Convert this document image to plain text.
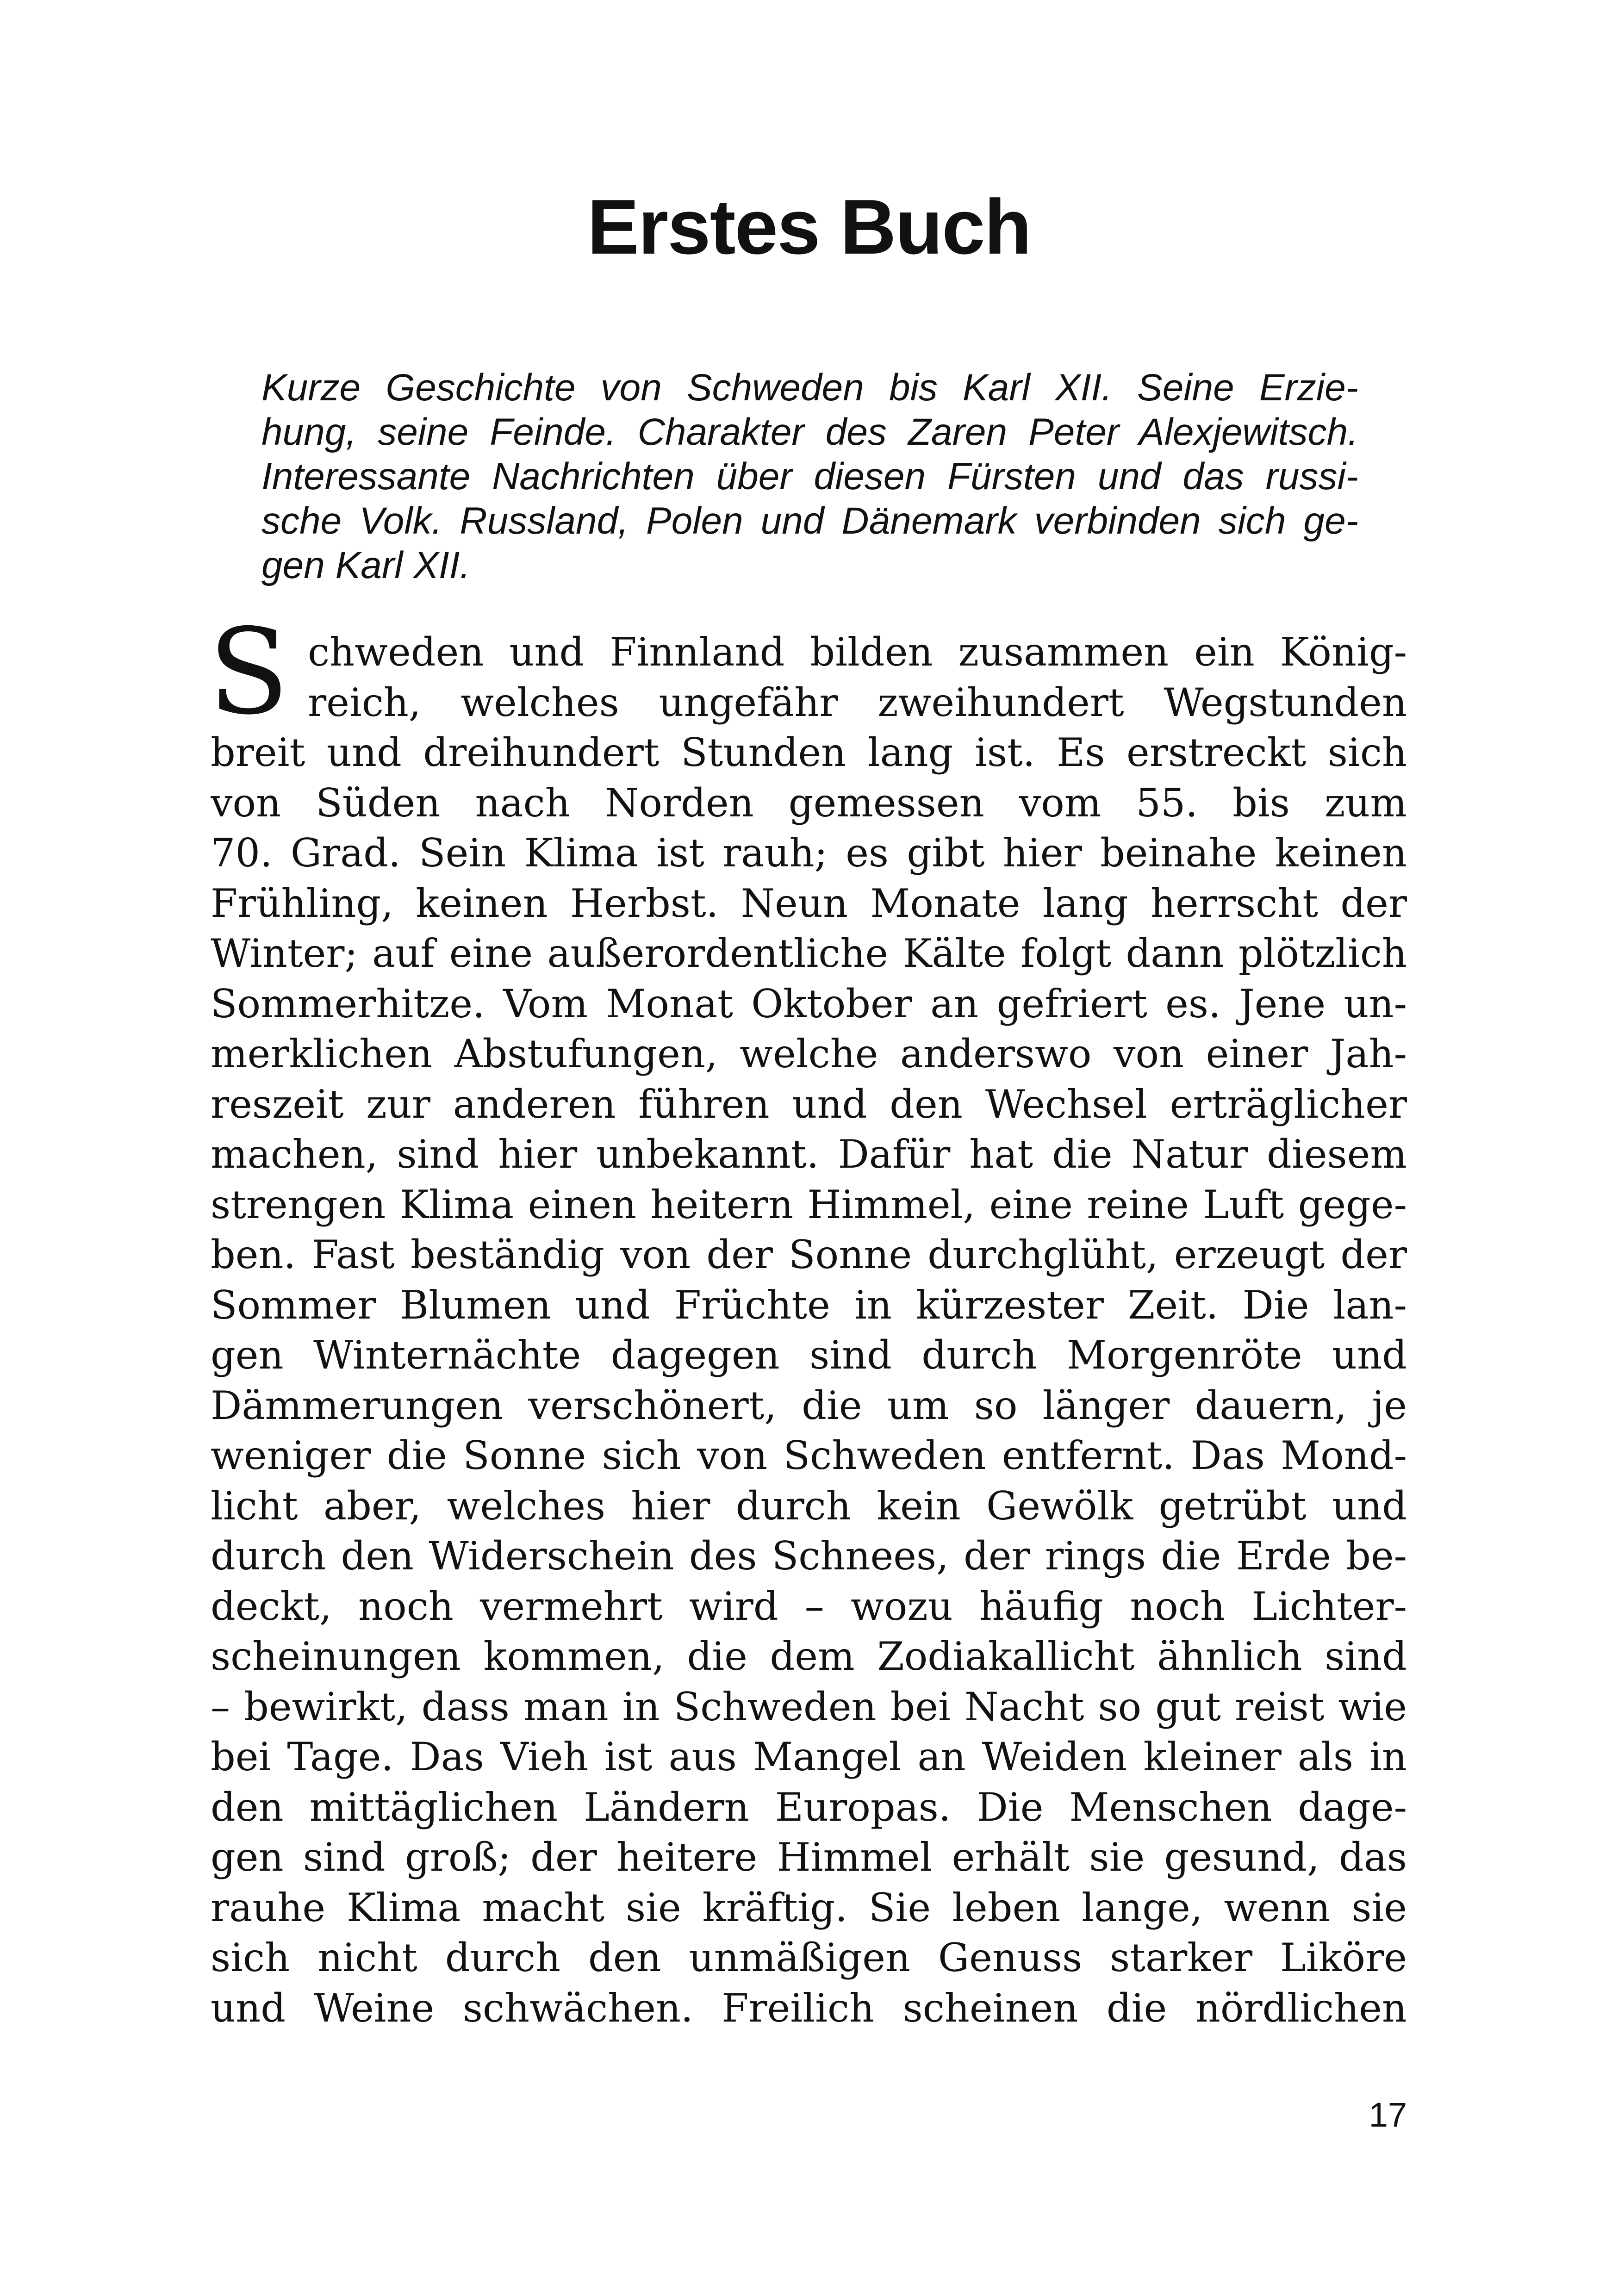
Erstes Buch
Kurze Geschichte von Schweden bis Karl XII. Seine Erzie-
hung, seine Feinde. Charakter des Zaren Peter Alexjewitsch.
Interessante Nachrichten über diesen Fürsten und das russi-
sche Volk. Russland, Polen und Dänemark verbinden sich ge-
gen Karl XII.
S chweden und Finnland bilden zusammen ein König-
reich, welches ungefähr zweihundert Wegstunden
breit und dreihundert Stunden lang ist. Es erstreckt sich
von Süden nach Norden gemessen vom 55. bis zum
70. Grad. Sein Klima ist rauh; es gibt hier beinahe keinen
Frühling, keinen Herbst. Neun Monate lang herrscht der
Winter; auf eine außerordentliche Kälte folgt dann plötzlich
Sommerhitze. Vom Monat Oktober an gefriert es. Jene un-
merklichen Abstufungen, welche anderswo von einer Jah-
reszeit zur anderen führen und den Wechsel erträglicher
machen, sind hier unbekannt. Dafür hat die Natur diesem
strengen Klima einen heitern Himmel, eine reine Luft gege-
ben. Fast beständig von der Sonne durchglüht, erzeugt der
Sommer Blumen und Früchte in kürzester Zeit. Die lan-
gen Winternächte dagegen sind durch Morgenröte und
Dämmerungen verschönert, die um so länger dauern, je
weniger die Sonne sich von Schweden entfernt. Das Mond-
licht aber, welches hier durch kein Gewölk getrübt und
durch den Widerschein des Schnees, der rings die Erde be-
deckt, noch vermehrt wird – wozu häufig noch Lichter-
scheinungen kommen, die dem Zodiakallicht ähnlich sind
– bewirkt, dass man in Schweden bei Nacht so gut reist wie
bei Tage. Das Vieh ist aus Mangel an Weiden kleiner als in
den mittäglichen Ländern Europas. Die Menschen dage-
gen sind groß; der heitere Himmel erhält sie gesund, das
rauhe Klima macht sie kräftig. Sie leben lange, wenn sie
sich nicht durch den unmäßigen Genuss starker Liköre
und Weine schwächen. Freilich scheinen die nördlichen
17
